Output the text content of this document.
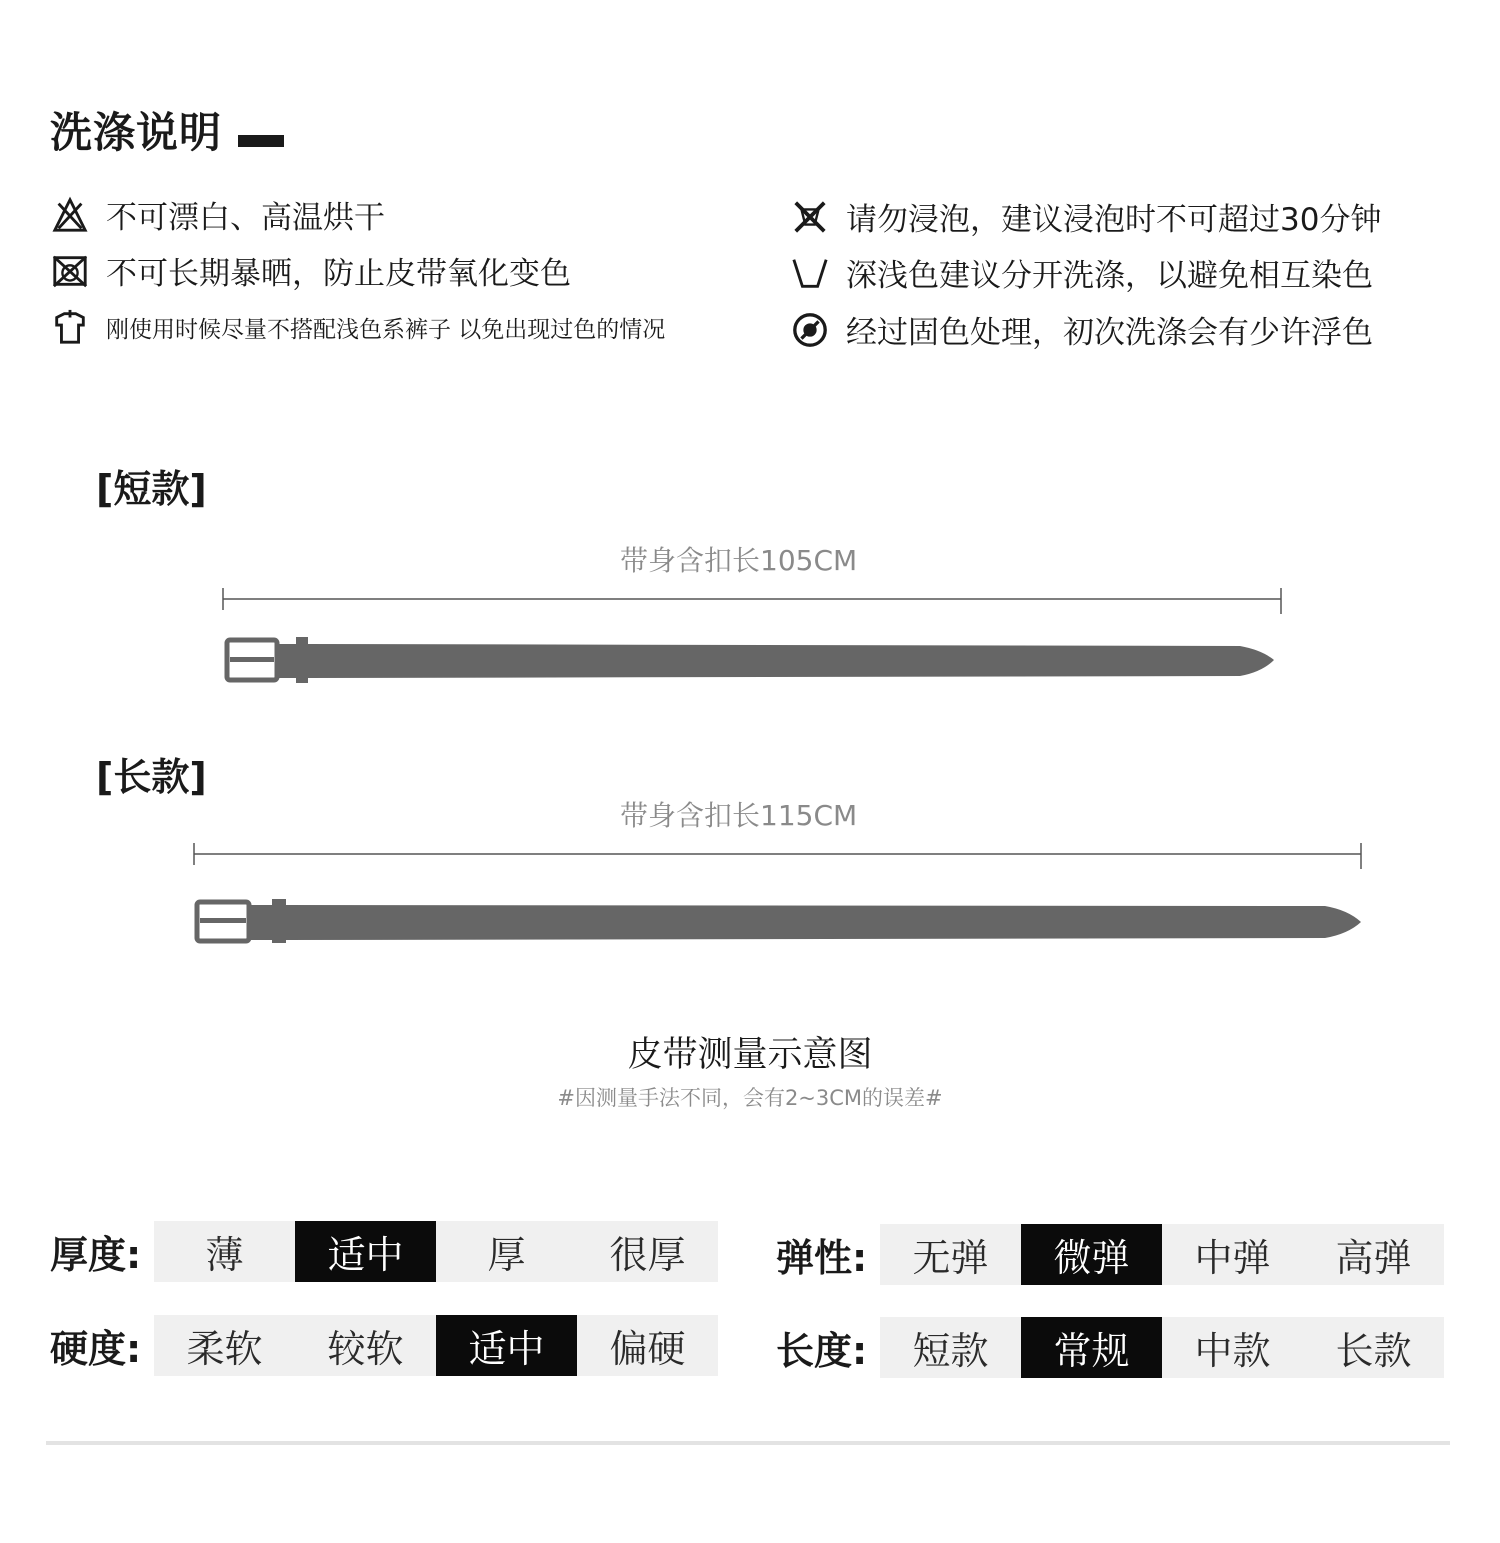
洗涤说明
不可漂白、高温烘干
不可长期暴晒，防止皮带氧化变色
刚使用时候尽量不搭配浅色系裤子 以免出现过色的情况
请勿浸泡，建议浸泡时不可超过30分钟
深浅色建议分开洗涤，以避免相互染色
经过固色处理，初次洗涤会有少许浮色
[短款]
带身含扣长105CM
[长款]
带身含扣长115CM
皮带测量示意图
#因测量手法不同，会有2~3CM的误差#
厚度:	薄	适中	厚	很厚	弹性:	无弹	微弹	中弹	高弹
硬度:	柔软	较软	适中	偏硬	长度:	短款	常规	中款	长款
